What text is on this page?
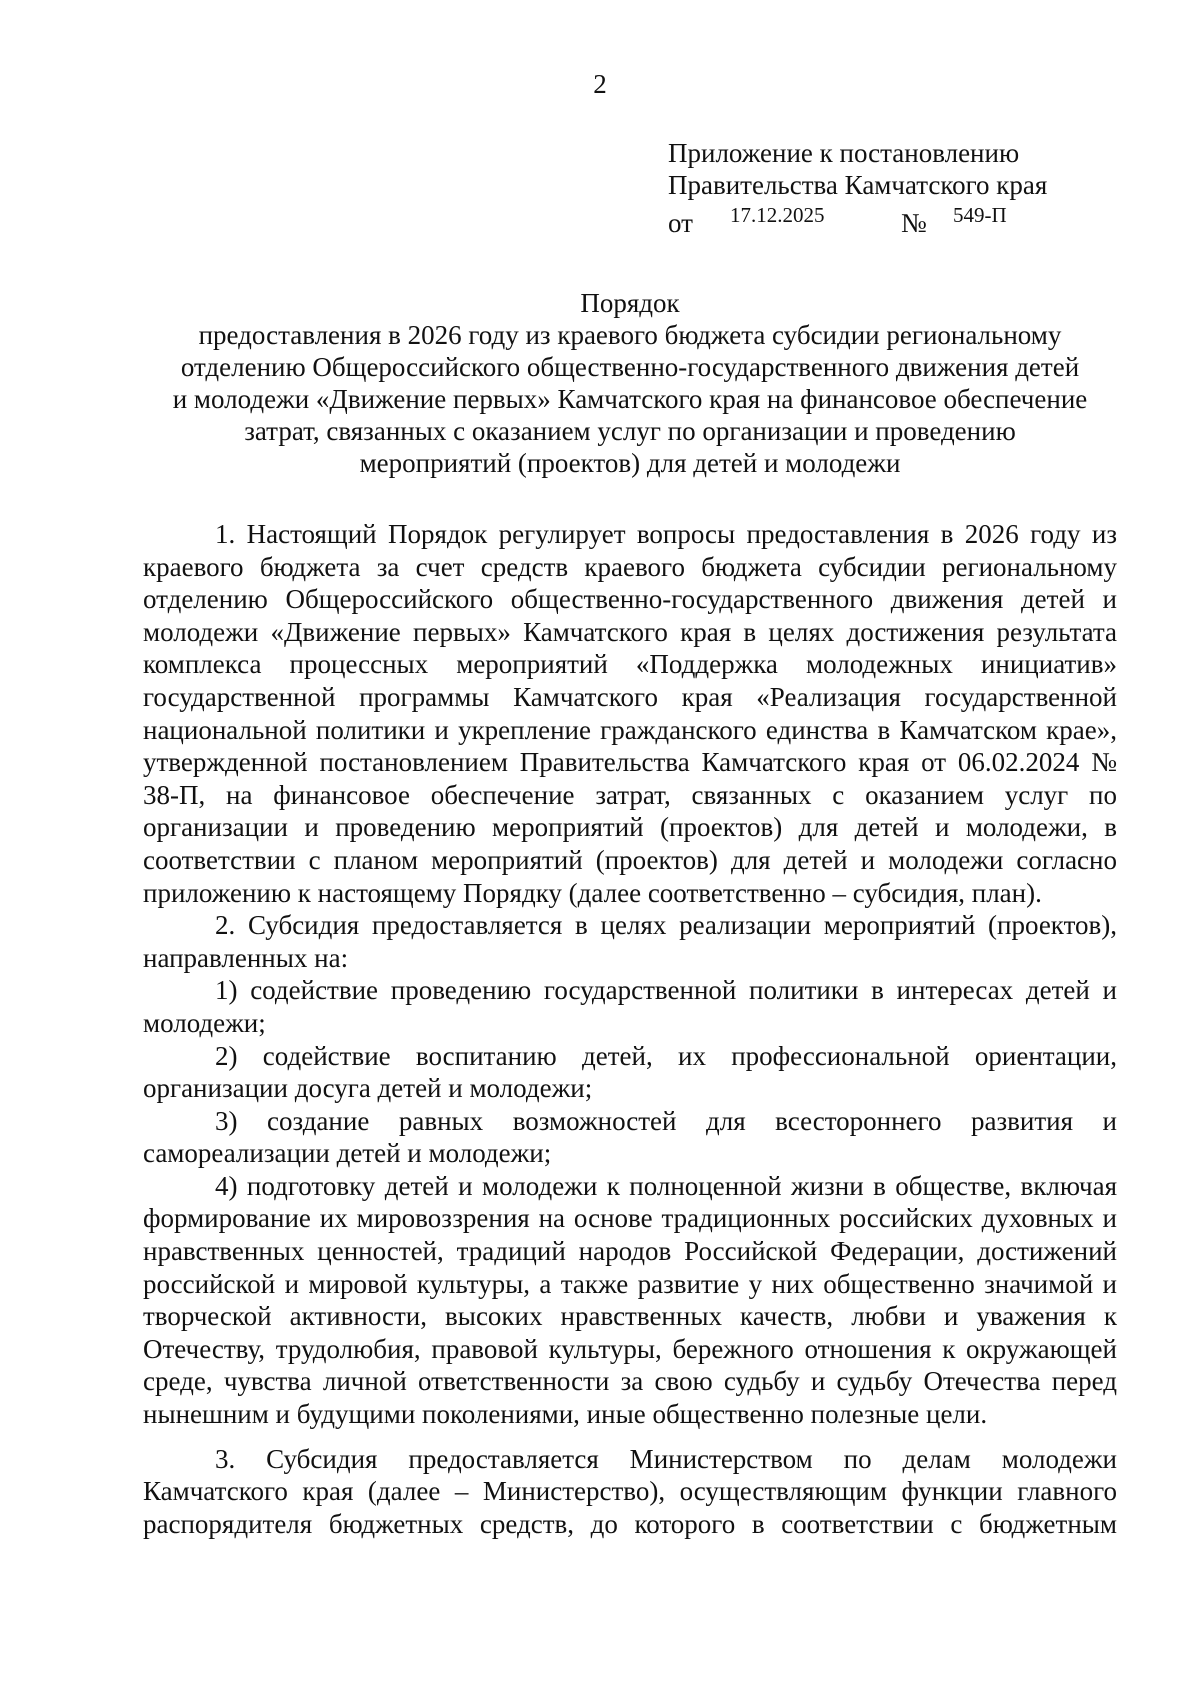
2
Приложение к постановлению
Правительства Камчатского края
от 17.12.2025	№ 549-П
Порядок
предоставления в 2026 году из краевого бюджета субсидии региональному
отделению Общероссийского общественно-государственного движения детей
и молодежи «Движение первых» Камчатского края на финансовое обеспечение
затрат, связанных с оказанием услуг по организации и проведению
мероприятий (проектов) для детей и молодежи

1. Настоящий Порядок регулирует вопросы предоставления в 2026 году из краевого бюджета за счет средств краевого бюджета субсидии региональному отделению Общероссийского общественно-государственного движения детей и молодежи «Движение первых» Камчатского края в целях достижения результата комплекса процессных мероприятий «Поддержка молодежных инициатив» государственной программы Камчатского края «Реализация государственной национальной политики и укрепление гражданского единства в Камчатском крае», утвержденной постановлением Правительства Камчатского края от 06.02.2024 № 38-П, на финансовое обеспечение затрат, связанных с оказанием услуг по организации и проведению мероприятий (проектов) для детей и молодежи, в соответствии с планом мероприятий (проектов) для детей и молодежи согласно приложению к настоящему Порядку (далее соответственно – субсидия, план).

2. Субсидия предоставляется в целях реализации мероприятий (проектов), направленных на:

1) содействие проведению государственной политики в интересах детей и молодежи;

2) содействие воспитанию детей, их профессиональной ориентации, организации досуга детей и молодежи;

3) создание равных возможностей для всестороннего развития и самореализации детей и молодежи;

4) подготовку детей и молодежи к полноценной жизни в обществе, включая формирование их мировоззрения на основе традиционных российских духовных и нравственных ценностей, традиций народов Российской Федерации, достижений российской и мировой культуры, а также развитие у них общественно значимой и творческой активности, высоких нравственных качеств, любви и уважения к Отечеству, трудолюбия, правовой культуры, бережного отношения к окружающей среде, чувства личной ответственности за свою судьбу и судьбу Отечества перед нынешним и будущими поколениями, иные общественно полезные цели.

3. Субсидия предоставляется Министерством по делам молодежи Камчатского края (далее – Министерство), осуществляющим функции главного распорядителя бюджетных средств, до которого в соответствии с бюджетным
